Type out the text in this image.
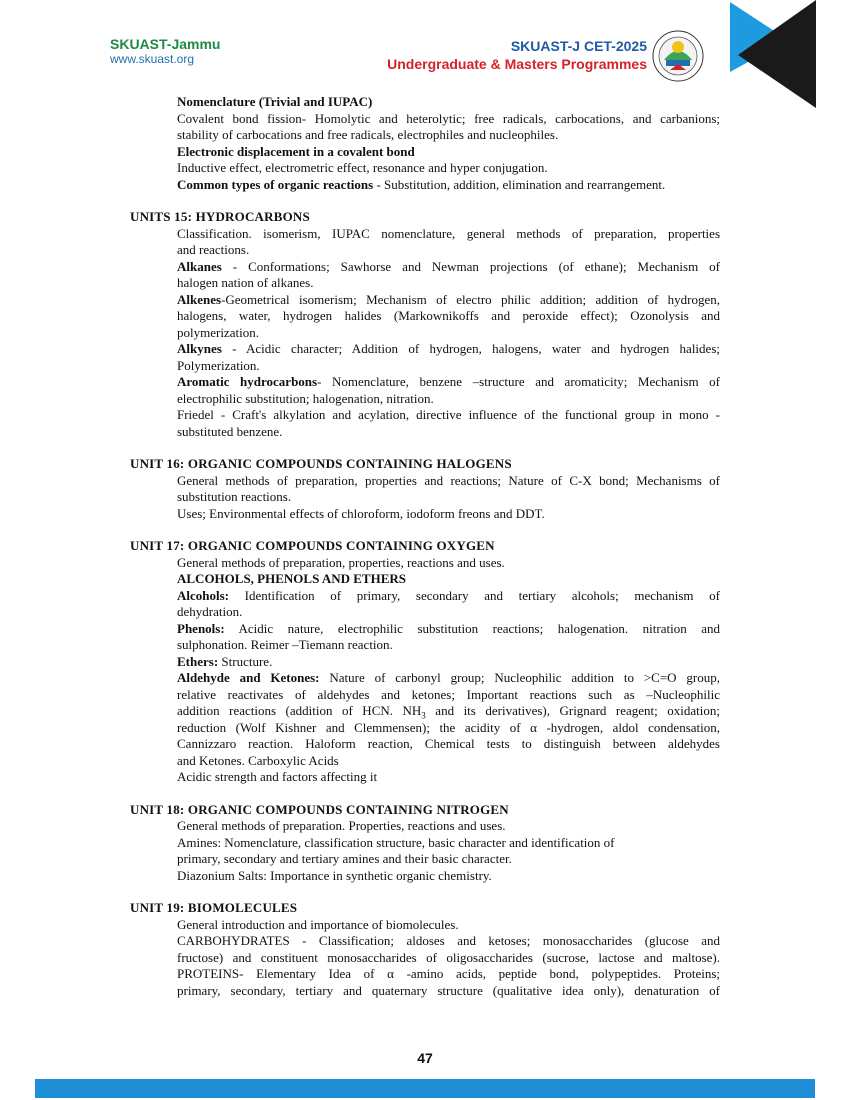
SKUAST-Jammu
www.skuast.org
SKUAST-J CET-2025
Undergraduate & Masters Programmes
Nomenclature (Trivial and IUPAC)
Covalent bond fission- Homolytic and heterolytic; free radicals, carbocations, and carbanions;
stability of carbocations and free radicals, electrophiles and nucleophiles.
Electronic displacement in a covalent bond
Inductive effect, electrometric effect, resonance and hyper conjugation.
Common types of organic reactions - Substitution, addition, elimination and rearrangement.
UNITS 15: HYDROCARBONS
Classification. isomerism, IUPAC nomenclature, general methods of preparation, properties
and reactions.
Alkanes - Conformations; Sawhorse and Newman projections (of ethane); Mechanism of
halogen nation of alkanes.
Alkenes-Geometrical isomerism; Mechanism of electro philic addition; addition of hydrogen,
halogens, water, hydrogen halides (Markownikoffs and peroxide effect); Ozonolysis and
polymerization.
Alkynes - Acidic character; Addition of hydrogen, halogens, water and hydrogen halides;
Polymerization.
Aromatic hydrocarbons- Nomenclature, benzene –structure and aromaticity; Mechanism of
electrophilic substitution; halogenation, nitration.
Friedel - Craft's alkylation and acylation, directive influence of the functional group in mono -
substituted benzene.
UNIT 16: ORGANIC COMPOUNDS CONTAINING HALOGENS
General methods of preparation, properties and reactions; Nature of C-X bond; Mechanisms of
substitution reactions.
Uses; Environmental effects of chloroform, iodoform freons and DDT.
UNIT 17: ORGANIC COMPOUNDS CONTAINING OXYGEN
General methods of preparation, properties, reactions and uses.
ALCOHOLS, PHENOLS AND ETHERS
Alcohols: Identification of primary, secondary and tertiary alcohols; mechanism of
dehydration.
Phenols: Acidic nature, electrophilic substitution reactions; halogenation. nitration and
sulphonation. Reimer –Tiemann reaction.
Ethers: Structure.
Aldehyde and Ketones: Nature of carbonyl group; Nucleophilic addition to >C=O group,
relative reactivates of aldehydes and ketones; Important reactions such as –Nucleophilic
addition reactions (addition of HCN. $NH_3$ and its derivatives), Grignard reagent; oxidation;
reduction (Wolf Kishner and Clemmensen); the acidity of α -hydrogen, aldol condensation,
Cannizzaro reaction. Haloform reaction, Chemical tests to distinguish between aldehydes
and Ketones. Carboxylic Acids
Acidic strength and factors affecting it
UNIT 18: ORGANIC COMPOUNDS CONTAINING NITROGEN
General methods of preparation. Properties, reactions and uses.
Amines: Nomenclature, classification structure, basic character and identification of
primary, secondary and tertiary amines and their basic character.
Diazonium Salts: Importance in synthetic organic chemistry.
UNIT 19: BIOMOLECULES
General introduction and importance of biomolecules.
CARBOHYDRATES - Classification; aldoses and ketoses; monosaccharides (glucose and
fructose) and constituent monosaccharides of oligosaccharides (sucrose, lactose and maltose).
PROTEINS- Elementary Idea of α -amino acids, peptide bond, polypeptides. Proteins;
primary, secondary, tertiary and quaternary structure (qualitative idea only), denaturation of
47
